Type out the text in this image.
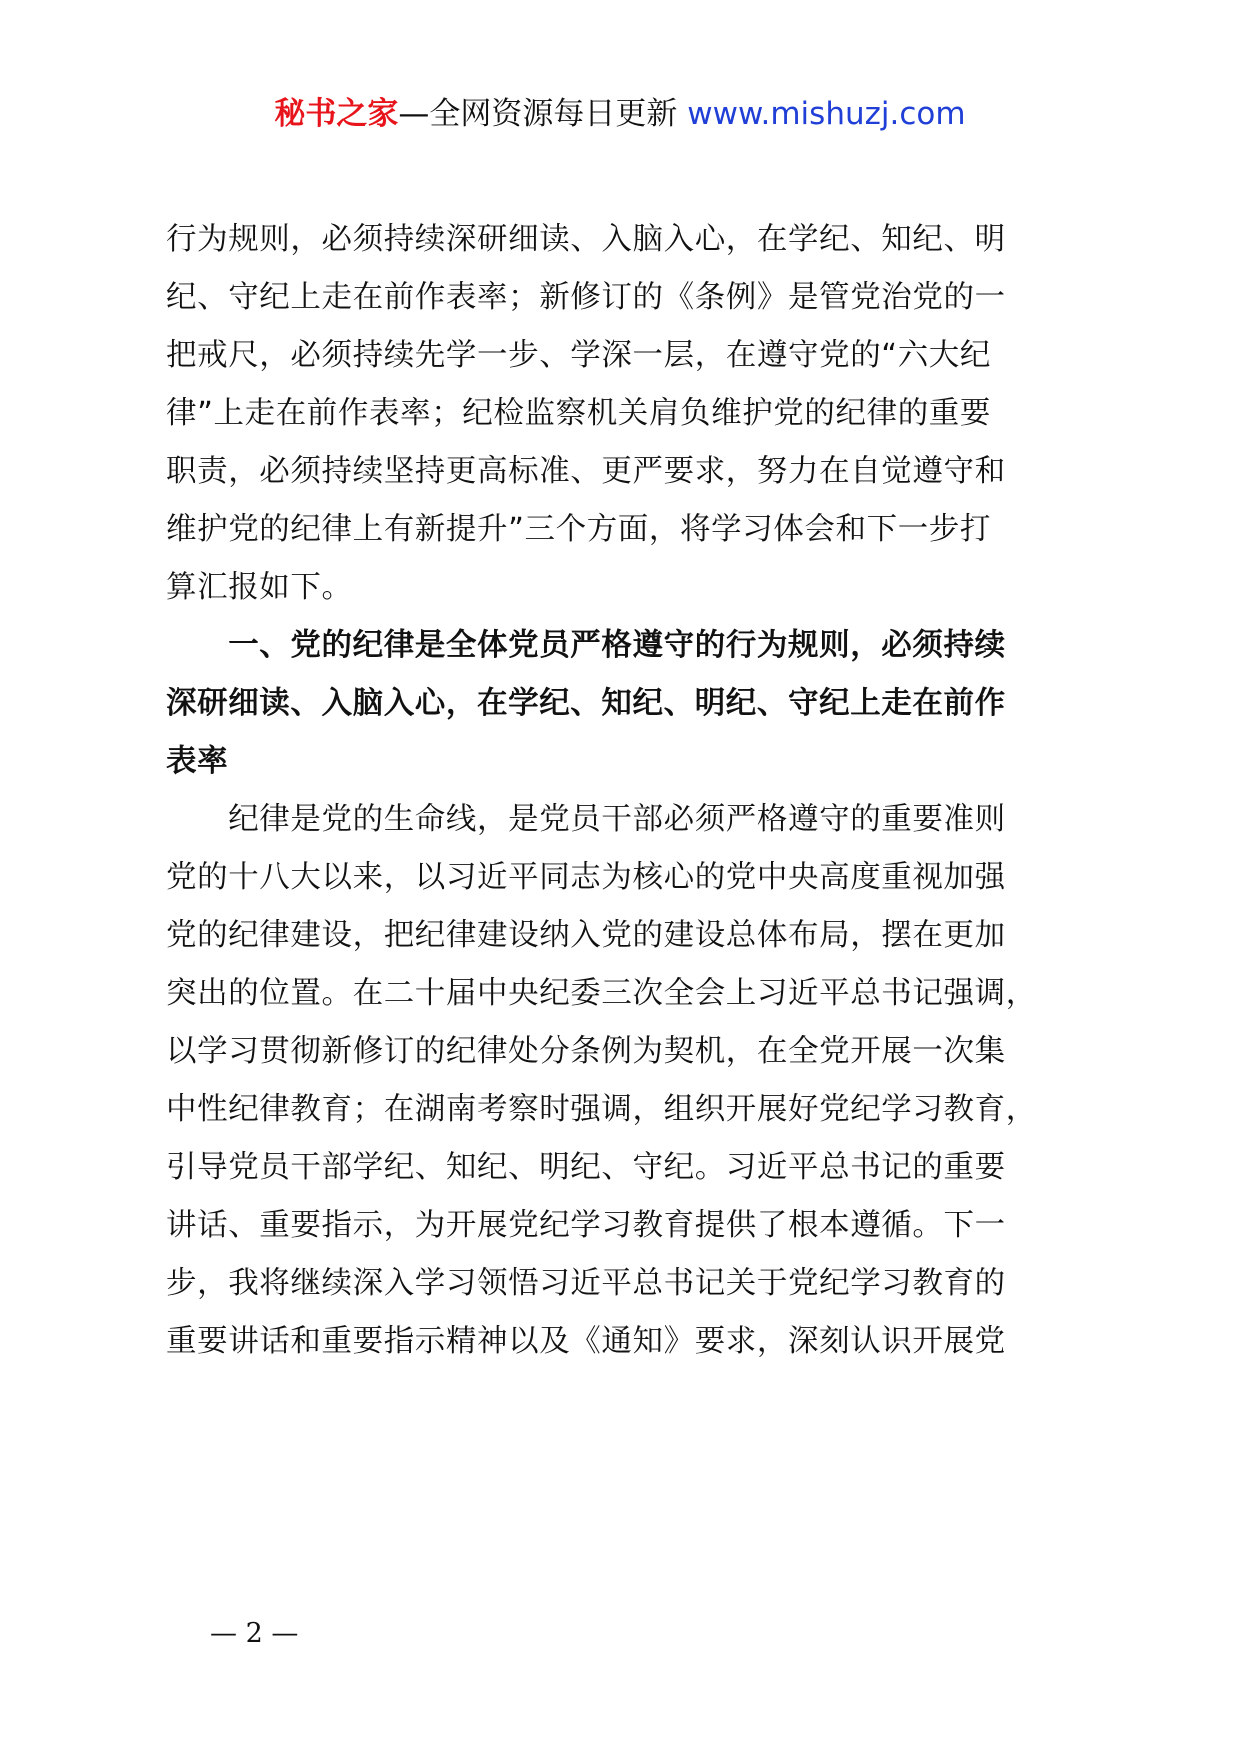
秘书之家—全网资源每日更新 www.mishuzj.com
行为规则，必须持续深研细读、入脑入心，在学纪、知纪、明
纪、守纪上走在前作表率；新修订的《条例》是管党治党的一
把戒尺，必须持续先学一步、学深一层，在遵守党的“六大纪
律”上走在前作表率；纪检监察机关肩负维护党的纪律的重要
职责，必须持续坚持更高标准、更严要求，努力在自觉遵守和
维护党的纪律上有新提升”三个方面，将学习体会和下一步打
算汇报如下。
　　一、党的纪律是全体党员严格遵守的行为规则，必须持续
深研细读、入脑入心，在学纪、知纪、明纪、守纪上走在前作
表率
　　纪律是党的生命线，是党员干部必须严格遵守的重要准则
党的十八大以来，以习近平同志为核心的党中央高度重视加强
党的纪律建设，把纪律建设纳入党的建设总体布局，摆在更加
突出的位置。在二十届中央纪委三次全会上习近平总书记强调，
以学习贯彻新修订的纪律处分条例为契机，在全党开展一次集
中性纪律教育；在湖南考察时强调，组织开展好党纪学习教育，
引导党员干部学纪、知纪、明纪、守纪。习近平总书记的重要
讲话、重要指示，为开展党纪学习教育提供了根本遵循。下一
步，我将继续深入学习领悟习近平总书记关于党纪学习教育的
重要讲话和重要指示精神以及《通知》要求，深刻认识开展党
— 2 —
